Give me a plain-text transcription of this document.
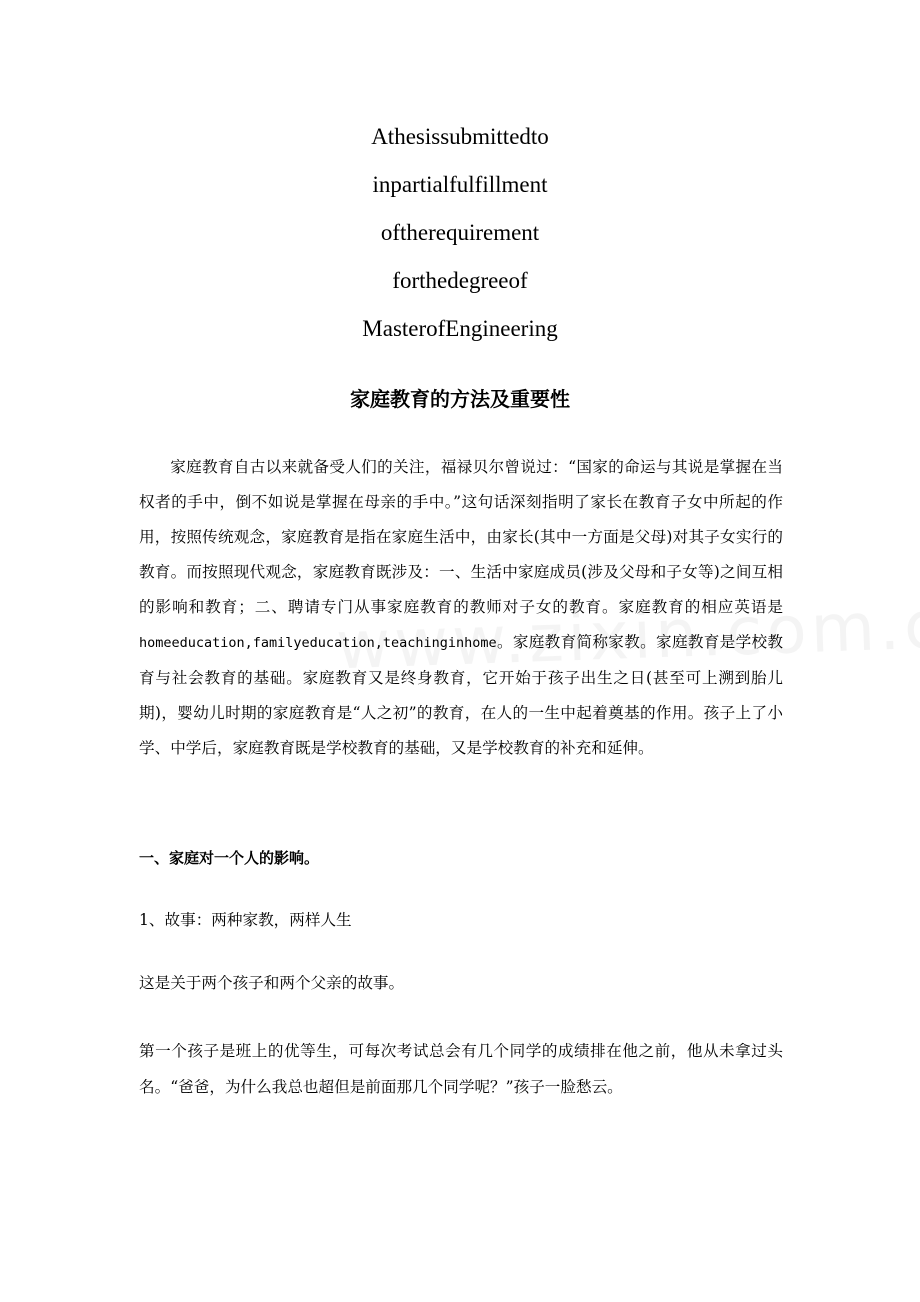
Athesissubmittedto
inpartialfulfillment
oftherequirement
forthedegreeof
MasterofEngineering
家庭教育的方法及重要性

家庭教育自古以来就备受人们的关注，福禄贝尔曾说过：“国家的命运与其说是掌握在当权者的手中，倒不如说是掌握在母亲的手中。”这句话深刻指明了家长在教育子女中所起的作用，按照传统观念，家庭教育是指在家庭生活中，由家长(其中一方面是父母)对其子女实行的教育。而按照现代观念，家庭教育既涉及：一、生活中家庭成员(涉及父母和子女等)之间互相的影响和教育；二、聘请专门从事家庭教育的教师对子女的教育。家庭教育的相应英语是homeeducation,familyeducation,teachinginhome。家庭教育简称家教。家庭教育是学校教育与社会教育的基础。家庭教育又是终身教育，它开始于孩子出生之日(甚至可上溯到胎儿期)，婴幼儿时期的家庭教育是“人之初”的教育，在人的一生中起着奠基的作用。孩子上了小学、中学后，家庭教育既是学校教育的基础，又是学校教育的补充和延伸。

一、家庭对一个人的影响。

1、故事：两种家教，两样人生

这是关于两个孩子和两个父亲的故事。

第一个孩子是班上的优等生，可每次考试总会有几个同学的成绩排在他之前，他从未拿过头名。“爸爸，为什么我总也超但是前面那几个同学呢？”孩子一脸愁云。
